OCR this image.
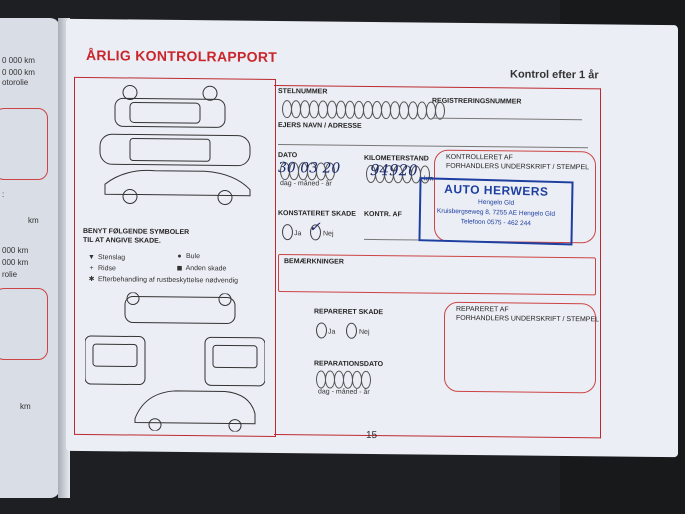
0 000 km
0 000 km
otorolie
:
km
000 km
000 km
rolie
km
ÅRLIG KONTROLRAPPORT
Kontrol efter 1 år
BENYT FØLGENDE SYMBOLER
TIL AT ANGIVE SKADE.
▼ Stenslag	● Bule
+ Ridse	◼ Anden skade
✱ Efterbehandling af rustbeskyttelse nødvendig
STELNUMMER
REGISTRERINGSNUMMER
EJERS NAVN / ADRESSE
DATO
30 03 20
dag - måned - år
KILOMETERSTAND
94920 km
KONSTATERET SKADE
Ja ✓ Nej
KONTR. AF
KONTROLLERET AF
FORHANDLERS UNDERSKRIFT / STEMPEL
BEMÆRKNINGER
REPARERET SKADE
Ja	Nej
REPARERET AF
FORHANDLERS UNDERSKRIFT / STEMPEL
REPARATIONSDATO
dag - måned - år
AUTO HERWERS
Hengelo Gld
Kruisbergseweg 8, 7255 AE Hengelo Gld
Telefoon 0575 - 462 244
15
